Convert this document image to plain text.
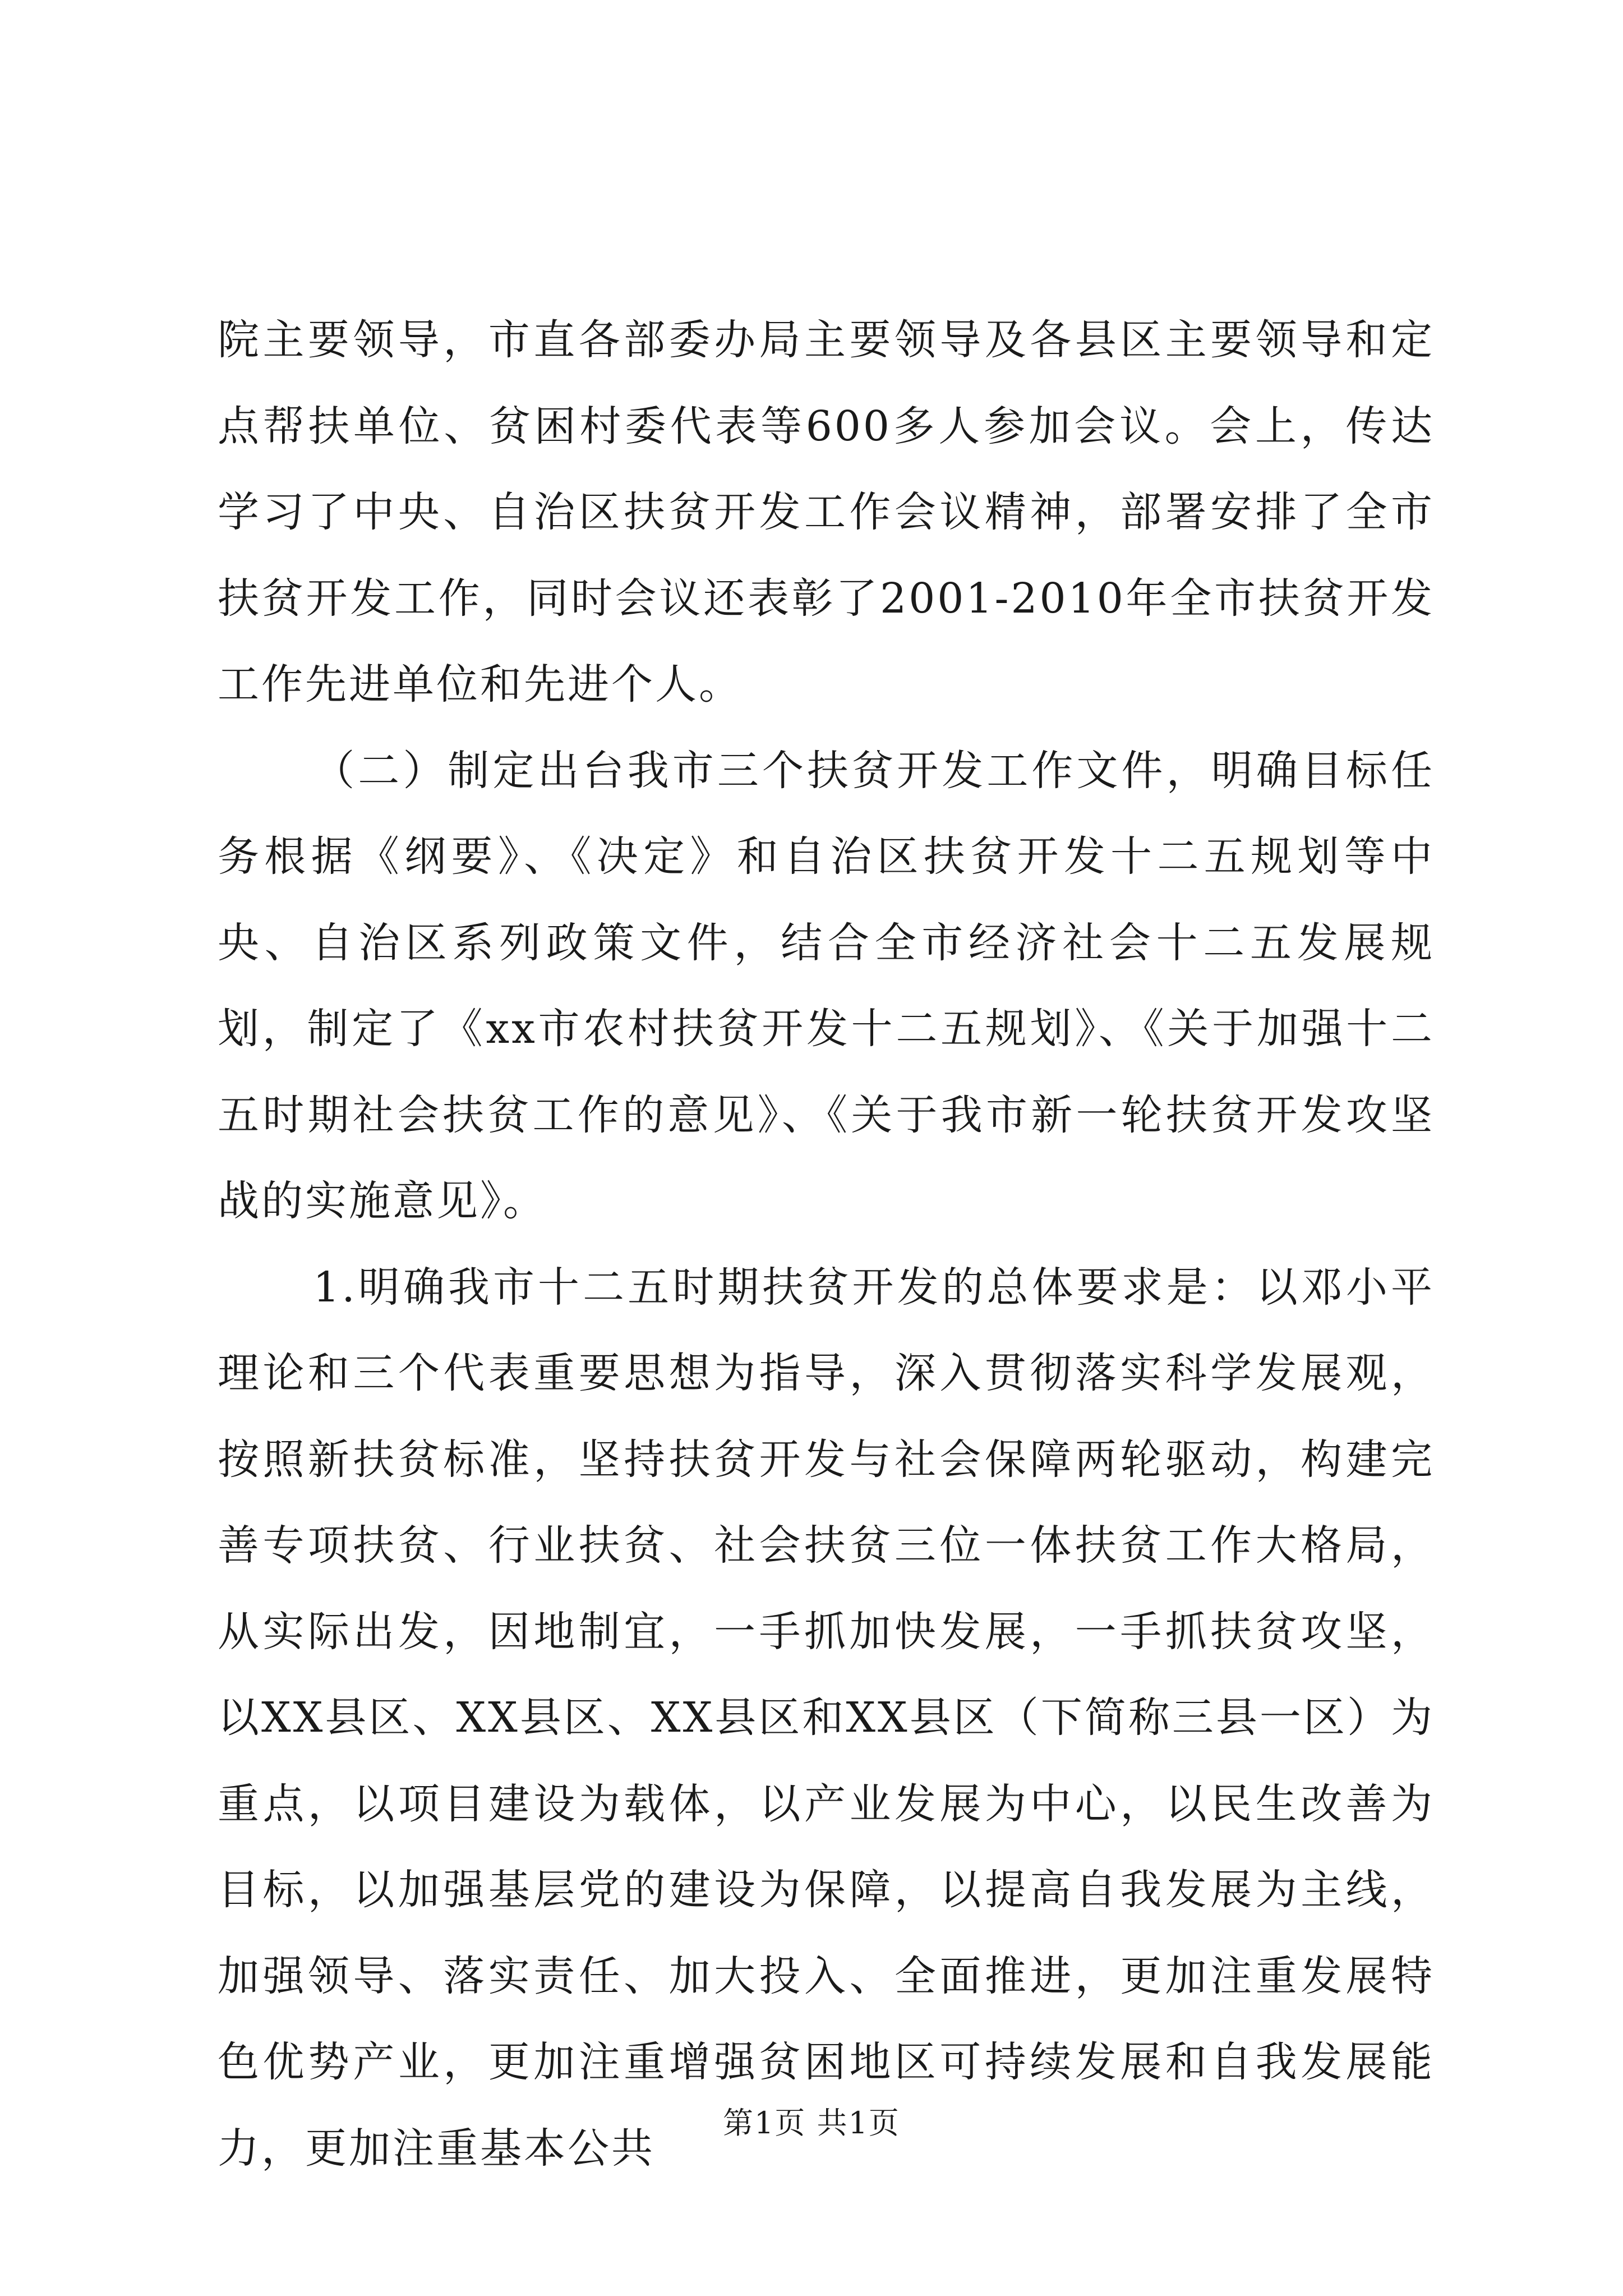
院主要领导，市直各部委办局主要领导及各县区主要领导和定点帮扶单位、贫困村委代表等600多人参加会议。会上，传达学习了中央、自治区扶贫开发工作会议精神，部署安排了全市扶贫开发工作，同时会议还表彰了2001-2010年全市扶贫开发工作先进单位和先进个人。

（二）制定出台我市三个扶贫开发工作文件，明确目标任务根据《纲要》、《决定》和自治区扶贫开发十二五规划等中央、自治区系列政策文件，结合全市经济社会十二五发展规划，制定了《xx市农村扶贫开发十二五规划》、《关于加强十二五时期社会扶贫工作的意见》、《关于我市新一轮扶贫开发攻坚战的实施意见》。

1.明确我市十二五时期扶贫开发的总体要求是：以邓小平理论和三个代表重要思想为指导，深入贯彻落实科学发展观，按照新扶贫标准，坚持扶贫开发与社会保障两轮驱动，构建完善专项扶贫、行业扶贫、社会扶贫三位一体扶贫工作大格局，从实际出发，因地制宜，一手抓加快发展，一手抓扶贫攻坚，以XX县区、XX县区、XX县区和XX县区（下简称三县一区）为重点，以项目建设为载体，以产业发展为中心，以民生改善为目标，以加强基层党的建设为保障，以提高自我发展为主线，加强领导、落实责任、加大投入、全面推进，更加注重发展特色优势产业，更加注重增强贫困地区可持续发展和自我发展能力，更加注重基本公共

第1页 共1页
